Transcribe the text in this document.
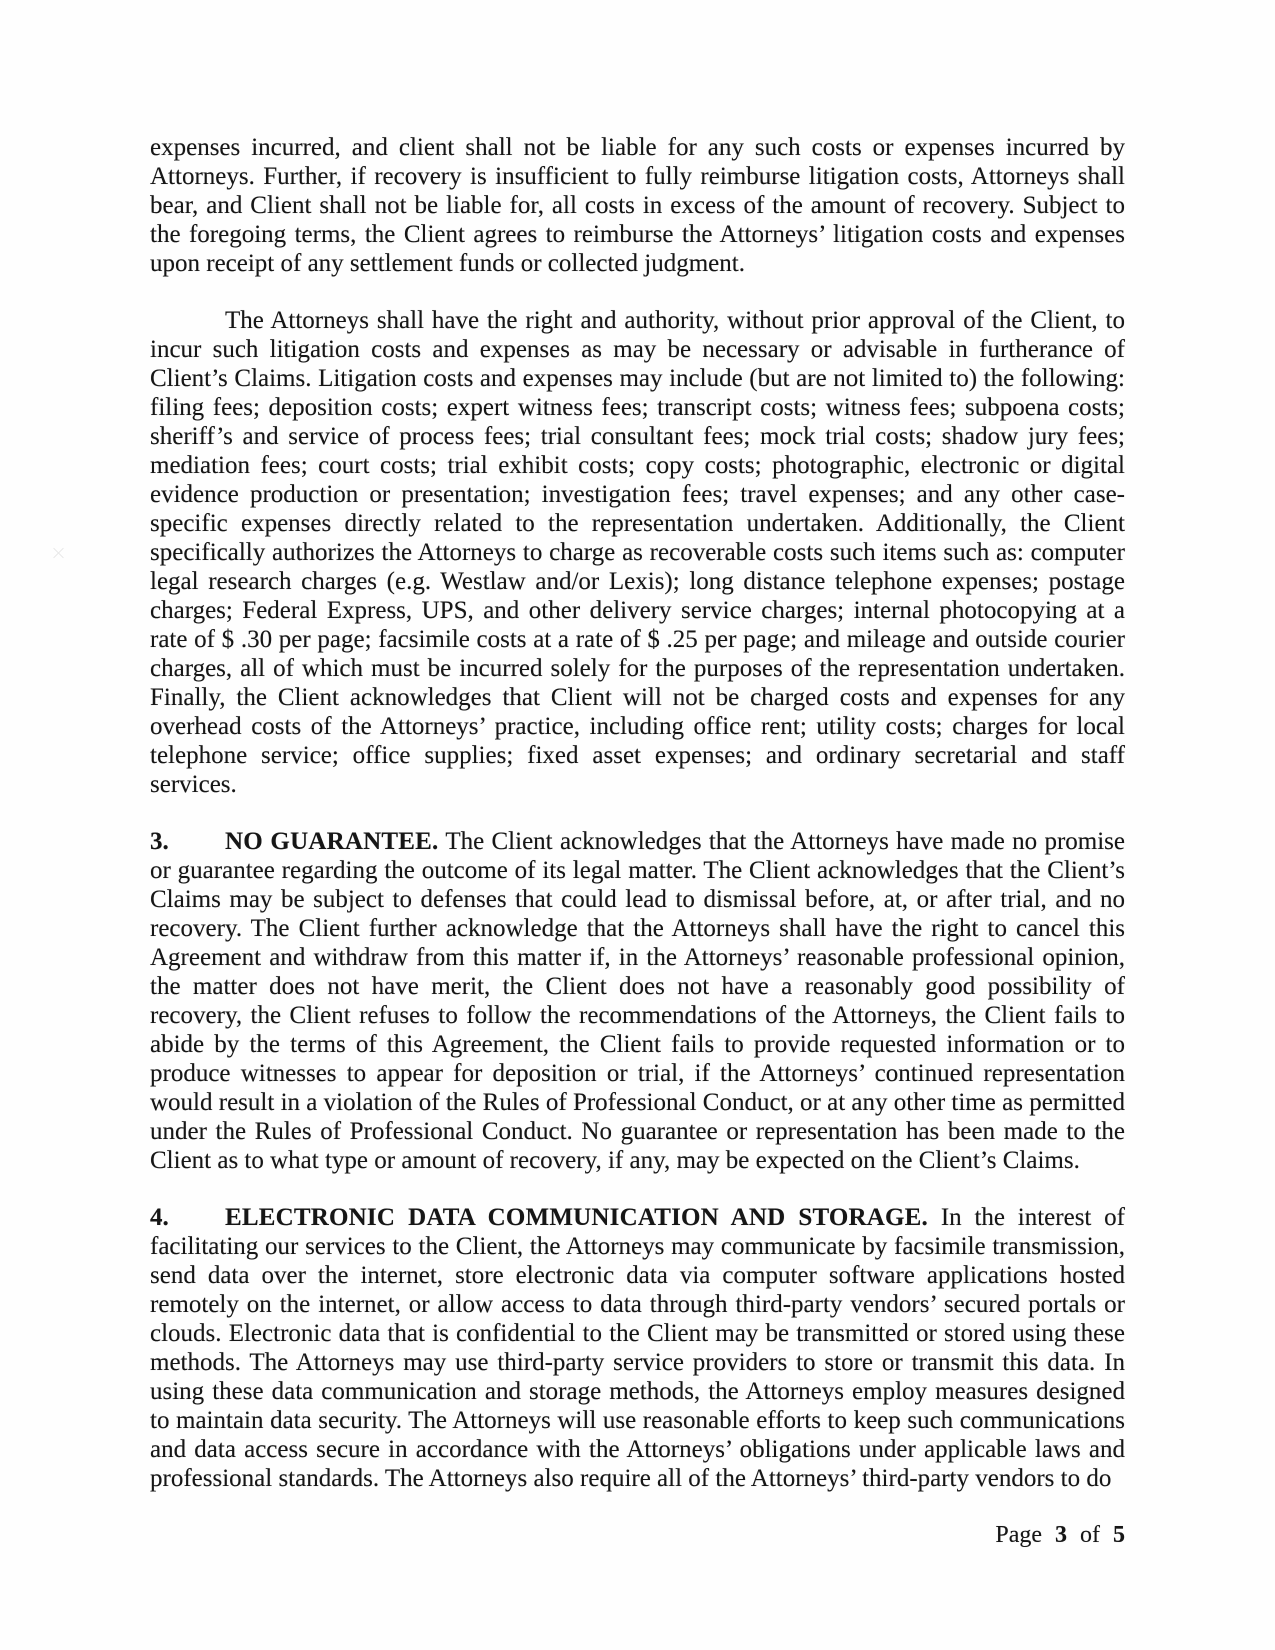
expenses incurred, and client shall not be liable for any such costs or expenses incurred by Attorneys. Further, if recovery is insufficient to fully reimburse litigation costs, Attorneys shall bear, and Client shall not be liable for, all costs in excess of the amount of recovery. Subject to the foregoing terms, the Client agrees to reimburse the Attorneys’ litigation costs and expenses upon receipt of any settlement funds or collected judgment.

The Attorneys shall have the right and authority, without prior approval of the Client, to incur such litigation costs and expenses as may be necessary or advisable in furtherance of Client’s Claims. Litigation costs and expenses may include (but are not limited to) the following: filing fees; deposition costs; expert witness fees; transcript costs; witness fees; subpoena costs; sheriff’s and service of process fees; trial consultant fees; mock trial costs; shadow jury fees; mediation fees; court costs; trial exhibit costs; copy costs; photographic, electronic or digital evidence production or presentation; investigation fees; travel expenses; and any other case-specific expenses directly related to the representation undertaken. Additionally, the Client specifically authorizes the Attorneys to charge as recoverable costs such items such as: computer legal research charges (e.g. Westlaw and/or Lexis); long distance telephone expenses; postage charges; Federal Express, UPS, and other delivery service charges; internal photocopying at a rate of $ .30 per page; facsimile costs at a rate of $ .25 per page; and mileage and outside courier charges, all of which must be incurred solely for the purposes of the representation undertaken. Finally, the Client acknowledges that Client will not be charged costs and expenses for any overhead costs of the Attorneys’ practice, including office rent; utility costs; charges for local telephone service; office supplies; fixed asset expenses; and ordinary secretarial and staff services.

3. NO GUARANTEE. The Client acknowledges that the Attorneys have made no promise or guarantee regarding the outcome of its legal matter. The Client acknowledges that the Client’s Claims may be subject to defenses that could lead to dismissal before, at, or after trial, and no recovery. The Client further acknowledge that the Attorneys shall have the right to cancel this Agreement and withdraw from this matter if, in the Attorneys’ reasonable professional opinion, the matter does not have merit, the Client does not have a reasonably good possibility of recovery, the Client refuses to follow the recommendations of the Attorneys, the Client fails to abide by the terms of this Agreement, the Client fails to provide requested information or to produce witnesses to appear for deposition or trial, if the Attorneys’ continued representation would result in a violation of the Rules of Professional Conduct, or at any other time as permitted under the Rules of Professional Conduct. No guarantee or representation has been made to the Client as to what type or amount of recovery, if any, may be expected on the Client’s Claims.

4. ELECTRONIC DATA COMMUNICATION AND STORAGE. In the interest of facilitating our services to the Client, the Attorneys may communicate by facsimile transmission, send data over the internet, store electronic data via computer software applications hosted remotely on the internet, or allow access to data through third-party vendors’ secured portals or clouds. Electronic data that is confidential to the Client may be transmitted or stored using these methods. The Attorneys may use third-party service providers to store or transmit this data. In using these data communication and storage methods, the Attorneys employ measures designed to maintain data security. The Attorneys will use reasonable efforts to keep such communications and data access secure in accordance with the Attorneys’ obligations under applicable laws and professional standards. The Attorneys also require all of the Attorneys’ third-party vendors to do

Page 3 of 5
